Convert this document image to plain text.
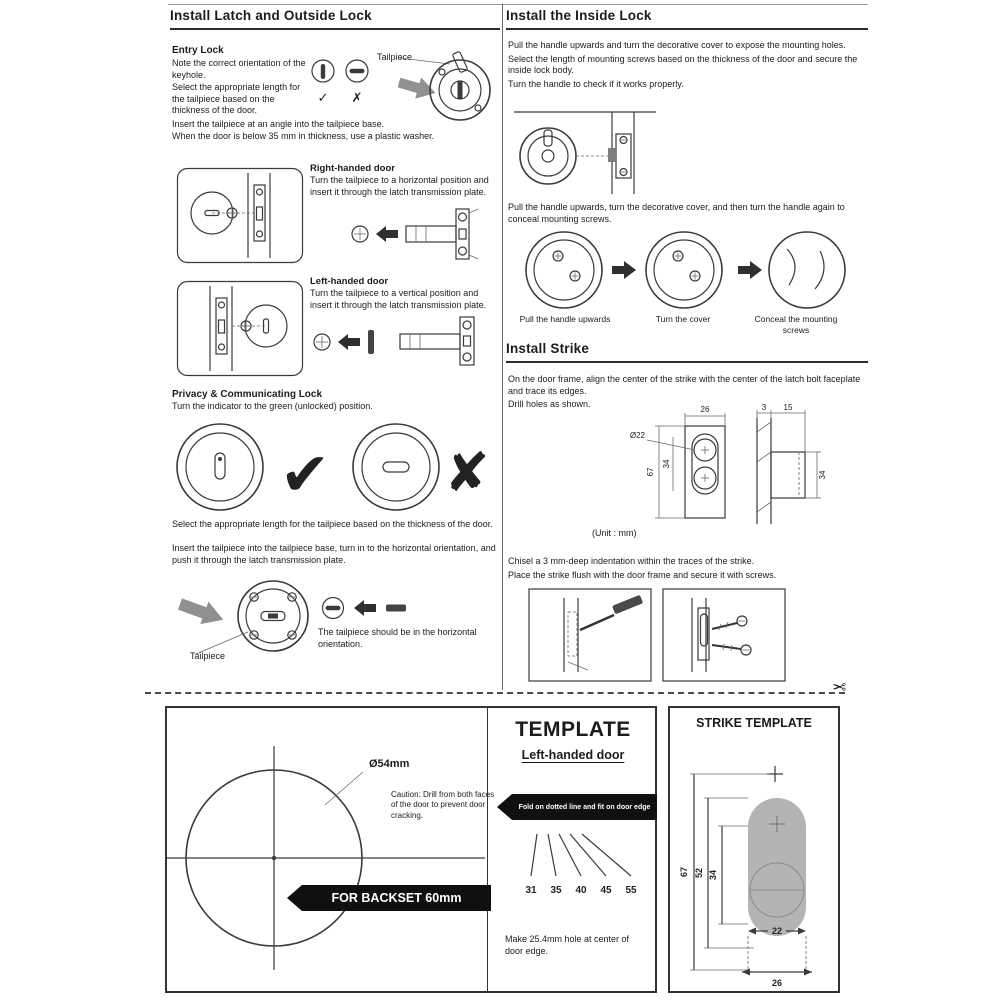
Install Latch and Outside Lock
Entry Lock
Note the correct orientation of the keyhole.
Select the appropriate length for the tailpiece based on the thickness of the door.
Insert the tailpiece at an angle into the tailpiece base.
When the door is below 35 mm in thickness, use a plastic washer.
✓ ✗
Tailpiece
Right-handed door
Turn the tailpiece to a horizontal position and insert it through the latch transmission plate.
Left-handed door
Turn the tailpiece to a vertical position and insert it through the latch transmission plate.
Privacy & Communicating Lock
Turn the indicator to the green (unlocked) position.
✔ ✘
Select the appropriate length for the tailpiece based on the thickness of the door.
Insert the tailpiece into the tailpiece base, turn in to the horizontal orientation, and push it through the latch transmission plate.
Tailpiece
The tailpiece should be in the horizontal orientation.
Install the Inside Lock
Pull the handle upwards and turn the decorative cover to expose the mounting holes.
Select the length of mounting screws based on the thickness of the door and secure the inside lock body.
Turn the handle to check if it works properly.
Pull the handle upwards, turn the decorative cover, and then turn the handle again to conceal mounting screws.
Pull the handle upwards	Turn the cover	Conceal the mounting screws
Install Strike
On the door frame, align the center of the strike with the center of the latch bolt faceplate and trace its edges.
Drill holes as shown.
26
Ø22
67
34
3 15
34
(Unit : mm)
Chisel a 3 mm-deep indentation within the traces of the strike.
Place the strike flush with the door frame and secure it with screws.
✂
Ø54mm
Caution: Drill from both faces of the door to prevent door cracking.
FOR BACKSET 60mm
TEMPLATE
Left-handed door
Fold on dotted line and fit on door edge
31 35 40 45 55
Make 25.4mm hole at center of door edge.
STRIKE TEMPLATE
67 52 34
22
26
